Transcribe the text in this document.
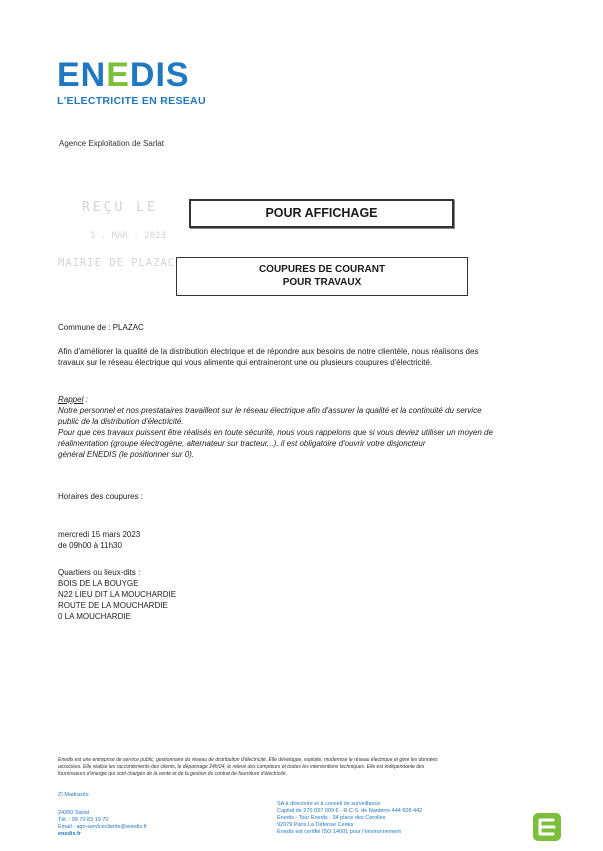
ENEDIS
L'ELECTRICITE EN RESEAU
Agence Exploitation de Sarlat
REÇU LE
1 . MAR . 2023
MAIRIE DE PLAZAC
POUR AFFICHAGE
COUPURES DE COURANT
POUR TRAVAUX
Commune de : PLAZAC
Afin d'améliorer la qualité de la distribution électrique et de répondre aux besoins de notre clientèle, nous réalisons des
travaux sur le réseau électrique qui vous alimente qui entraineront une ou plusieurs coupures d'électricité.
Rappel :
Notre personnel et nos prestataires travaillent sur le réseau électrique afin d'assurer la qualité et la continuité du service
public de la distribution d'électricité.
Pour que ces travaux puissent être réalisés en toute sécurité, nous vous rappelons que si vous deviez utiliser un moyen de
réalimentation (groupe électrogène, alternateur sur tracteur,..), il est obligatoire d'ouvrir votre disjoncteur
général ENEDIS (le positionner sur 0).
Horaires des coupures :
mercredi 15 mars 2023
de 09h00 à 11h30
Quartiers ou lieux-dits :
BOIS DE LA BOUYGE
N22 LIEU DIT LA MOUCHARDIE
ROUTE DE LA MOUCHARDIE
0 LA MOUCHARDIE
Enedis est une entreprise de service public, gestionnaire du réseau de distribution d'électricité. Elle développe, exploite, modernise le réseau électrique et gère les données
associées. Elle réalise les raccordements des clients, le dépannage 24h/24, le relevé des compteurs et toutes les interventions techniques. Elle est indépendante des
fournisseurs d'énergie qui sont chargés de la vente et de la gestion du contrat de fourniture d'électricité.
ZI Madrazès
24200 Sarlat
Tél. : 09 70 83 19 70
Email : aqn-serviceclients@enedis.fr
enedis.fr
SA à directoire et à conseil de surveillance
Capital de 270 037 000 € - R.C.S. de Nanterre 444 608 442
Enedis - Tour Enedis - 34 place des Corolles
92079 Paris La Défense Cedex
Enedis est certifié ISO 14001 pour l'environnement
